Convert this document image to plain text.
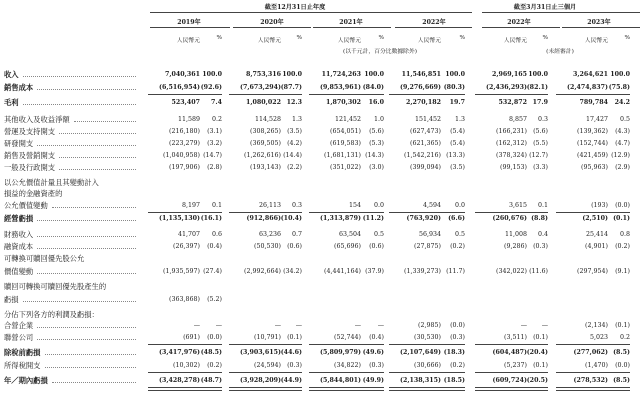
截至12月31日止年度	截至3月31日止三個月
2019年	2020年	2021年	2022年	2022年	2023年
人民幣元	%	人民幣元	%	人民幣元	%	人民幣元	%	人民幣元	%	人民幣元	%
(以千元計，百分比數據除外)	(未經審計)
收入	7,040,361 100.0	8,753,316 100.0	11,724,263 100.0	11,546,851 100.0	2,969,165 100.0	3,264,621 100.0
銷售成本	(6,516,954) (92.6)	(7,673,294) (87.7)	(9,853,961) (84.0)	(9,276,669) (80.3)	(2,436,293) (82.1)	(2,474,837) (75.8)
毛利	523,407	7.4	1,080,022 12.3	1,870,302	16.0	2,270,182	19.7	532,872 17.9	789,784	24.2
其他收入及收益淨額	11,589	0.2	114,528	1.3	121,452	1.0	151,452	1.3	8,857	0.3	17,427	0.5
營運及支持開支	(216,180)	(3.1)	(308,265) (3.5)	(654,051)	(5.6)	(627,473)	(5.4)	(166,231) (5.6)	(139,362)	(4.3)
研發開支	(223,279)	(3.2)	(369,505) (4.2)	(619,583)	(5.3)	(621,365)	(5.4)	(162,312) (5.5)	(152,744)	(4.7)
銷售及營銷開支	(1,040,958) (14.7)	(1,262,616) (14.4)	(1,681,131) (14.3)	(1,542,216) (13.3)	(378,324) (12.7)	(421,459) (12.9)
一般及行政開支	(197,906)	(2.8)	(193,143) (2.2)	(351,022)	(3.0)	(399,094)	(3.5)	(99,153) (3.3)	(95,963)	(2.9)
以公允價值計量且其變動計入
損益的金融資產的
公允價值變動	8,197	0.1	26,113	0.3	154	0.0	4,594	0.0	3,615	0.1	(193)	(0.0)
經營虧損	(1,135,130) (16.1)	(912,866) (10.4)	(1,313,879) (11.2)	(763,920)	(6.6)	(260,676) (8.8)	(2,510) (0.1)
財務收入	41,707	0.6	63,236	0.7	63,504	0.5	56,934	0.5	11,008	0.4	25,414	0.8
融資成本	(26,397)	(0.4)	(50,530) (0.6)	(65,696)	(0.6)	(27,875)	(0.2)	(9,286) (0.3)	(4,901)	(0.2)
可轉換可贖回優先股公允
價值變動	(1,935,597) (27.4)	(2,992,664) (34.2)	(4,441,164) (37.9)	(1,339,273) (11.7)	(342,022) (11.6)	(297,954)	(9.1)
贖回可轉換可贖回優先股產生的
虧損	(363,868)	(5.2)
分佔下列各方的利潤及虧損：
合營企業	—	—	—	—	—	—	(2,985)	(0.0)	—	—	(2,134)	(0.1)
聯營公司	(691)	(0.0)	(10,791) (0.1)	(52,744)	(0.4)	(30,530)	(0.3)	(3,511) (0.1)	5,023	0.2
除稅前虧損	(3,417,976) (48.5)	(3,903,615) (44.6)	(5,809,979) (49.6)	(2,107,649) (18.3)	(604,487) (20.4)	(277,062) (8.5)
所得稅開支	(10,302)	(0.2)	(24,594) (0.3)	(34,822)	(0.3)	(30,666)	(0.2)	(5,237) (0.1)	(1,470)	(0.0)
年／期內虧損	(3,428,278) (48.7)	(3,928,209) (44.9)	(5,844,801) (49.9)	(2,138,315) (18.5)	(609,724) (20.5)	(278,532) (8.5)
